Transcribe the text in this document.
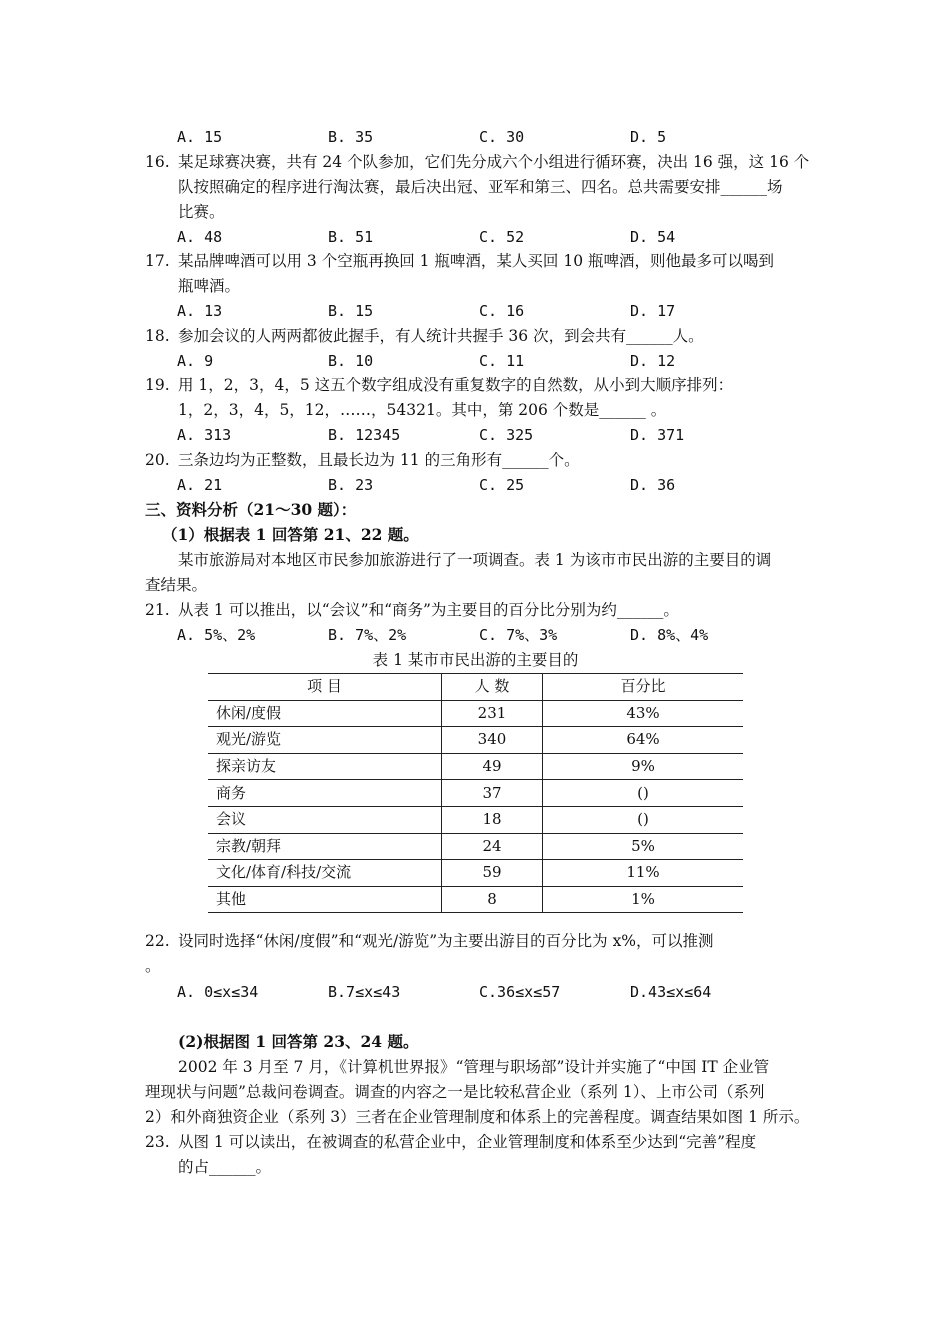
A. 15	B. 35	C. 30	D. 5
16. 某足球赛决赛，共有 24 个队参加，它们先分成六个小组进行循环赛，决出 16 强，这 16 个
队按照确定的程序进行淘汰赛，最后决出冠、亚军和第三、四名。总共需要安排______场
比赛。
A. 48	B. 51	C. 52	D. 54
17. 某品牌啤酒可以用 3 个空瓶再换回 1 瓶啤酒，某人买回 10 瓶啤酒，则他最多可以喝到
瓶啤酒。
A. 13	B. 15	C. 16	D. 17
18. 参加会议的人两两都彼此握手，有人统计共握手 36 次，到会共有______人。
A. 9	B. 10	C. 11	D. 12
19. 用 1，2，3，4，5 这五个数字组成没有重复数字的自然数，从小到大顺序排列：
1，2，3，4，5，12，……，54321。其中，第 206 个数是______ 。
A. 313	B. 12345	C. 325	D. 371
20. 三条边均为正整数，且最长边为 11 的三角形有______个。
A. 21	B. 23	C. 25	D. 36
三、资料分析（21～30 题）：
（1）根据表 1 回答第 21、22 题。
某市旅游局对本地区市民参加旅游进行了一项调查。表 1 为该市市民出游的主要目的调
查结果。
21. 从表 1 可以推出，以“会议”和“商务”为主要目的百分比分别为约______。
A. 5%、2%	B. 7%、2%	C. 7%、3%	D. 8%、4%
表 1 某市市民出游的主要目的
项 目	人 数	百分比
休闲/度假	231	43%
观光/游览	340	64%
探亲访友	49	9%
商务	37	()
会议	18	()
宗教/朝拜	24	5%
文化/体育/科技/交流	59	11%
其他	8	1%
22. 设同时选择“休闲/度假”和“观光/游览”为主要出游目的百分比为 x%，可以推测
。
A. 0≤x≤34	B.7≤x≤43	C.36≤x≤57	D.43≤x≤64
(2)根据图 1 回答第 23、24 题。
2002 年 3 月至 7 月，《计算机世界报》“管理与职场部”设计并实施了“中国 IT 企业管
理现状与问题”总裁问卷调查。调查的内容之一是比较私营企业（系列 1）、上市公司（系列
2）和外商独资企业（系列 3）三者在企业管理制度和体系上的完善程度。调查结果如图 1 所示。
23. 从图 1 可以读出，在被调查的私营企业中，企业管理制度和体系至少达到“完善”程度
的占______。
